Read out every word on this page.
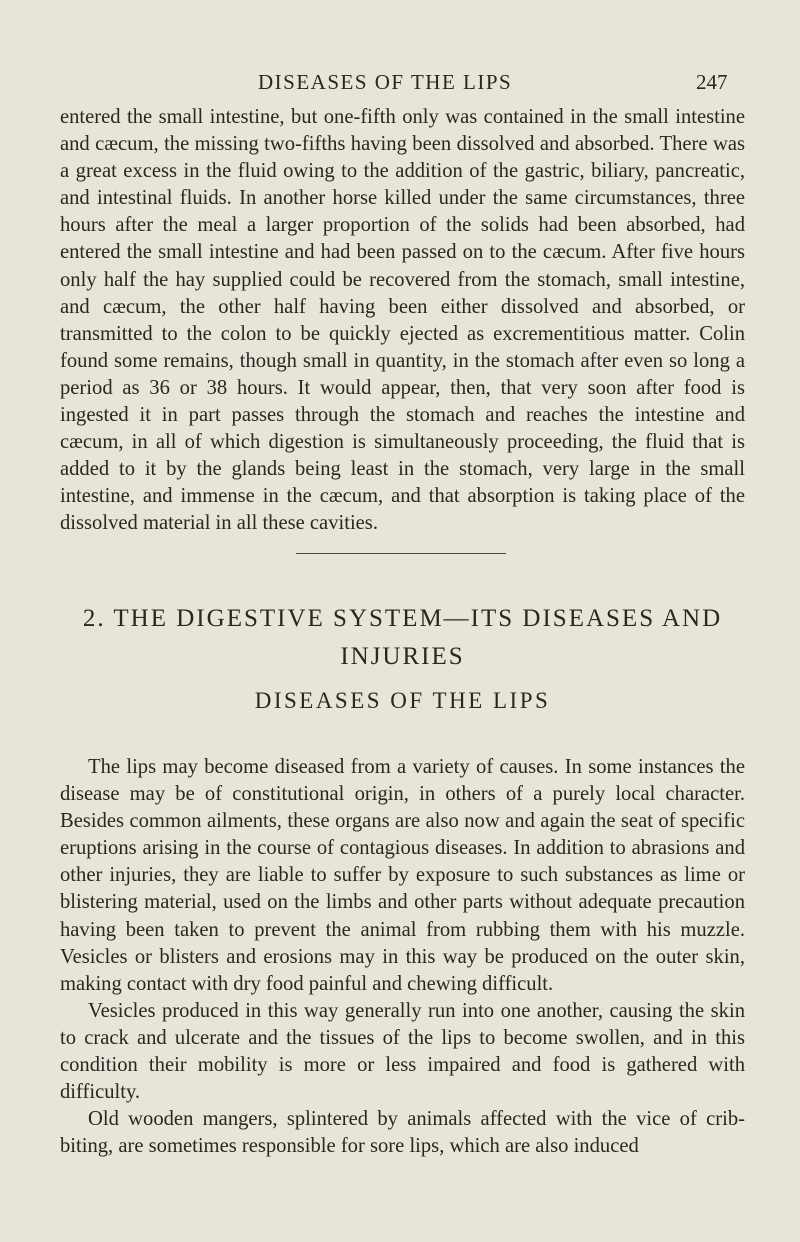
DISEASES OF THE LIPS	247

entered the small intestine, but one-fifth only was contained in the small intestine and cæcum, the missing two-fifths having been dissolved and absorbed. There was a great excess in the fluid owing to the addition of the gastric, biliary, pancreatic, and intestinal fluids. In another horse killed under the same circumstances, three hours after the meal a larger proportion of the solids had been absorbed, had entered the small intestine and had been passed on to the cæcum. After five hours only half the hay supplied could be recovered from the stomach, small intestine, and cæcum, the other half having been either dissolved and absorbed, or transmitted to the colon to be quickly ejected as excrementitious matter. Colin found some remains, though small in quantity, in the stomach after even so long a period as 36 or 38 hours. It would appear, then, that very soon after food is ingested it in part passes through the stomach and reaches the intestine and cæcum, in all of which digestion is simultaneously proceeding, the fluid that is added to it by the glands being least in the stomach, very large in the small intestine, and immense in the cæcum, and that absorption is taking place of the dissolved material in all these cavities.

2. THE DIGESTIVE SYSTEM—ITS DISEASES AND INJURIES
DISEASES OF THE LIPS

The lips may become diseased from a variety of causes. In some instances the disease may be of constitutional origin, in others of a purely local character. Besides common ailments, these organs are also now and again the seat of specific eruptions arising in the course of contagious diseases. In addition to abrasions and other injuries, they are liable to suffer by exposure to such substances as lime or blistering material, used on the limbs and other parts without adequate precaution having been taken to prevent the animal from rubbing them with his muzzle. Vesicles or blisters and erosions may in this way be produced on the outer skin, making contact with dry food painful and chewing difficult.

Vesicles produced in this way generally run into one another, causing the skin to crack and ulcerate and the tissues of the lips to become swollen, and in this condition their mobility is more or less impaired and food is gathered with difficulty.

Old wooden mangers, splintered by animals affected with the vice of crib-biting, are sometimes responsible for sore lips, which are also induced
